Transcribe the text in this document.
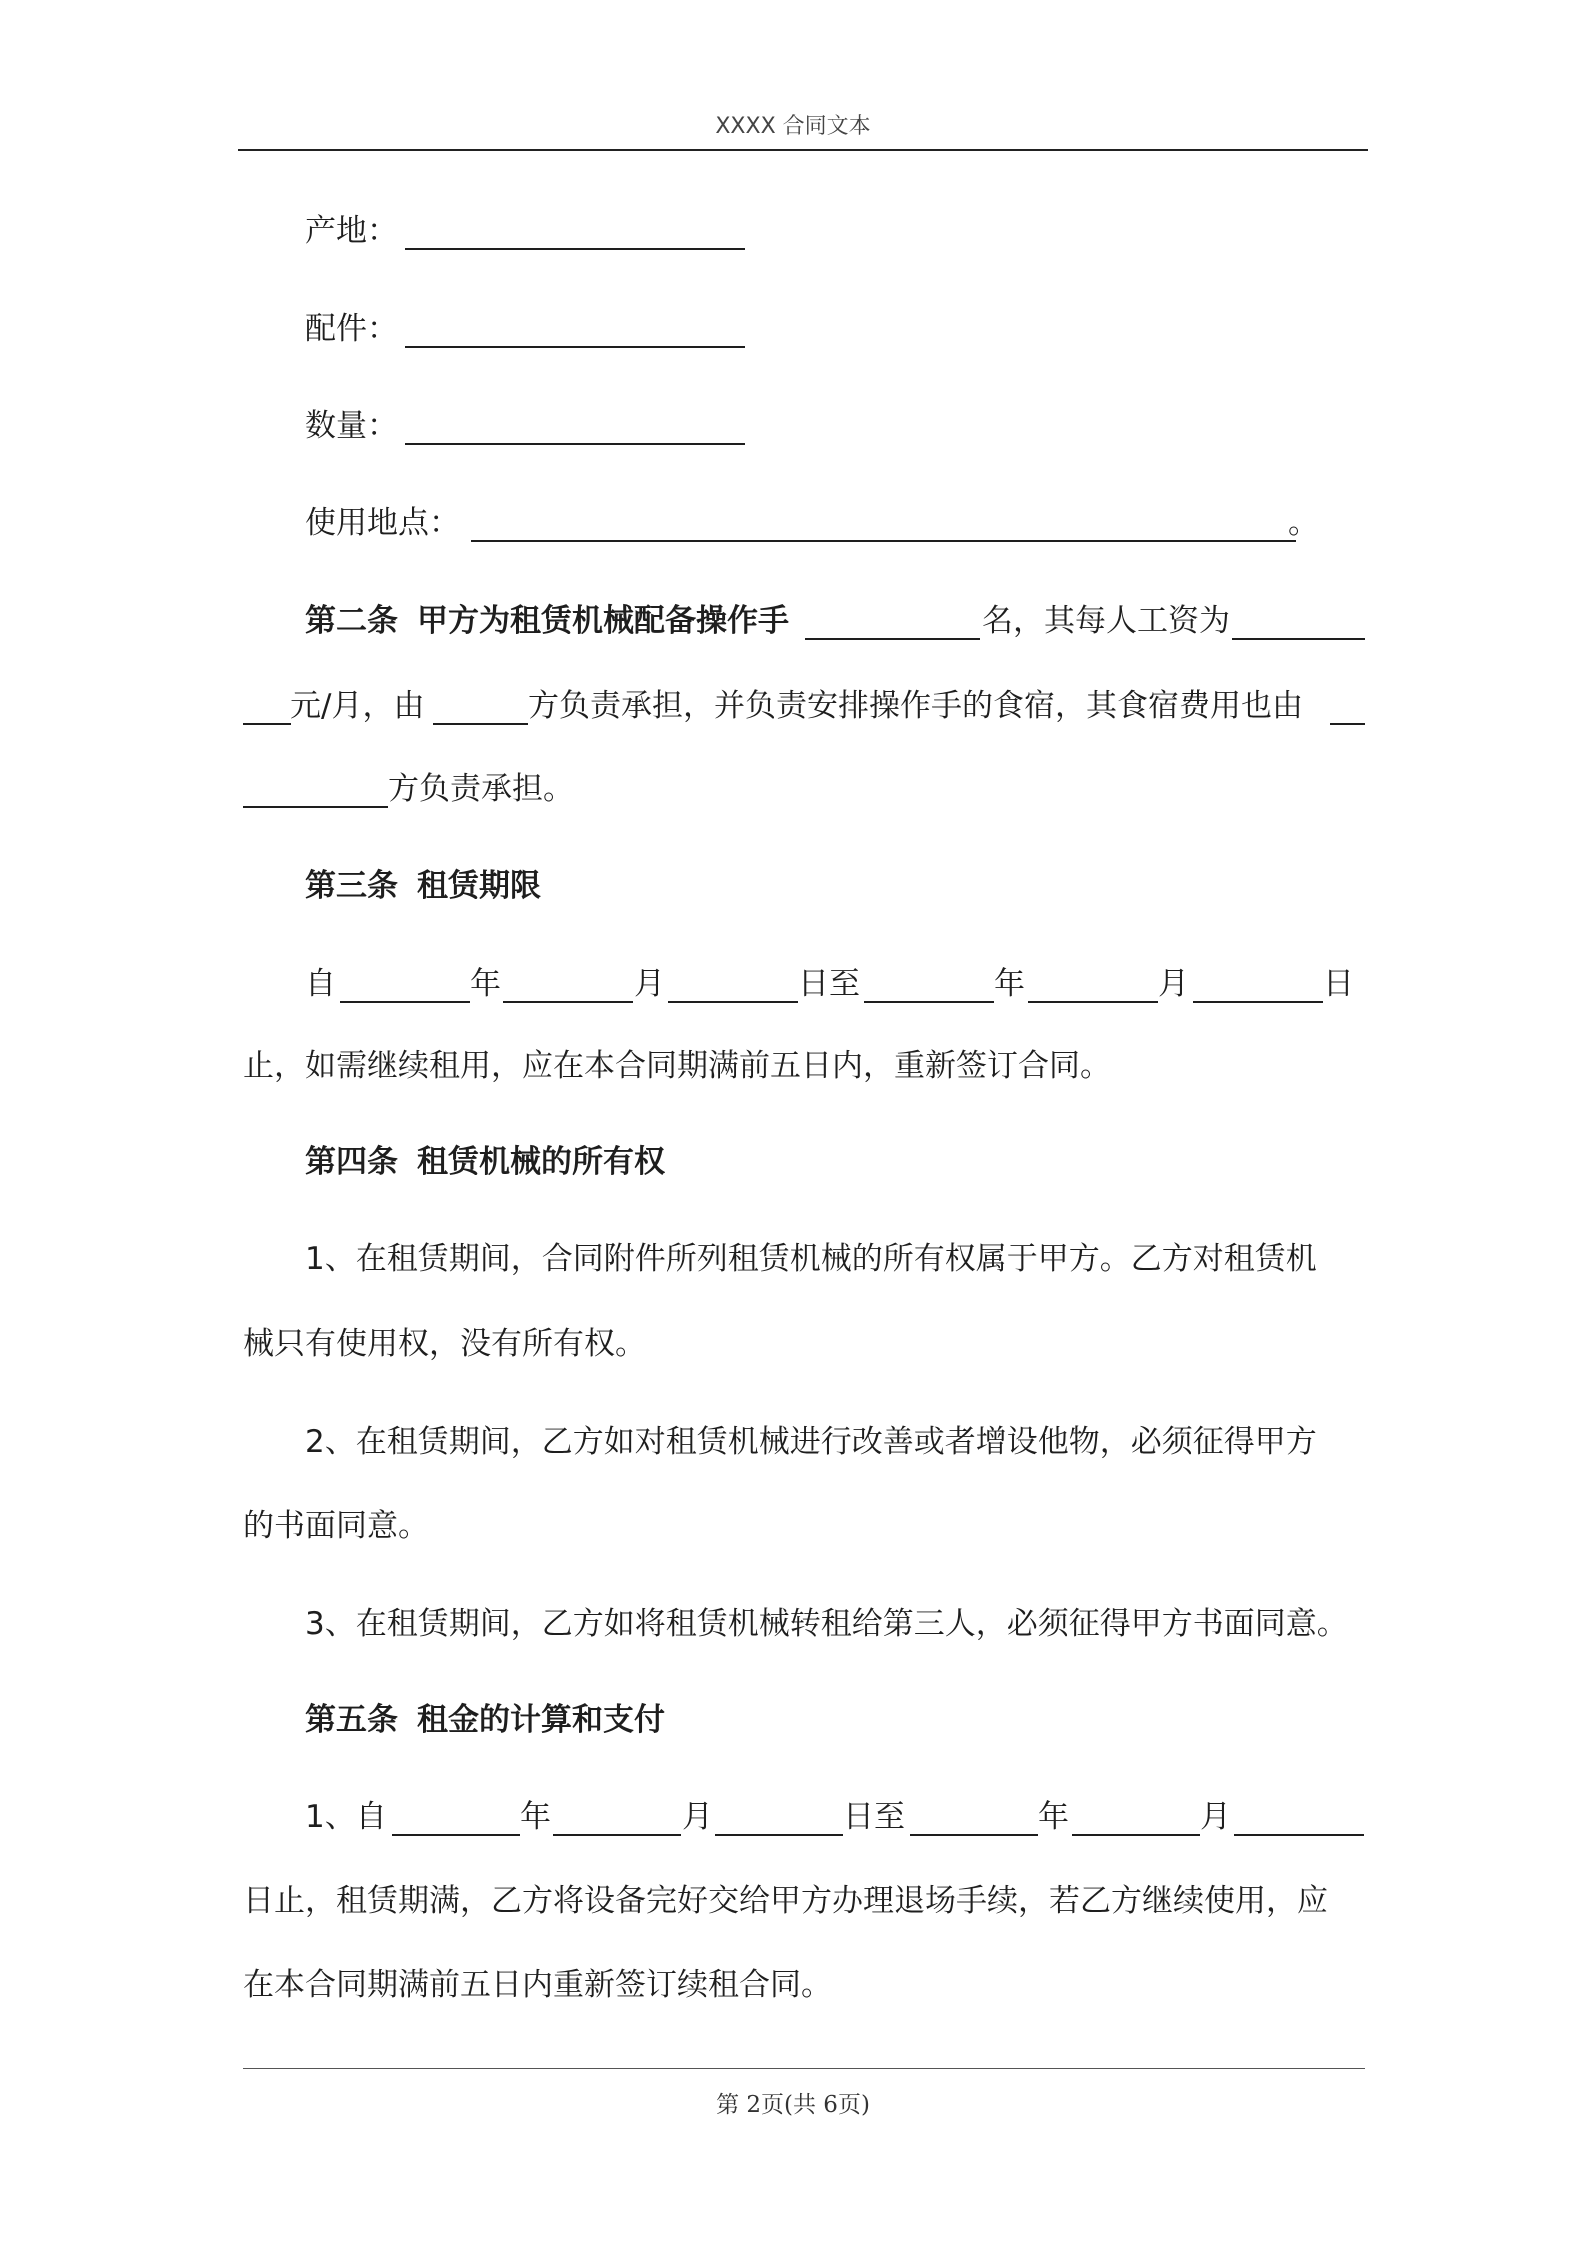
XXXX 合同文本
产地：
配件：
数量：
使用地点：	。
第二条 甲方为租赁机械配备操作手	名，其每人工资为
元/月，由	方负责承担，并负责安排操作手的食宿，其食宿费用也由
方负责承担。
第三条 租赁期限
自	年	月	日至	年	月	日
止，如需继续租用，应在本合同期满前五日内，重新签订合同。
第四条 租赁机械的所有权
1、在租赁期间，合同附件所列租赁机械的所有权属于甲方。乙方对租赁机
械只有使用权，没有所有权。
2、在租赁期间，乙方如对租赁机械进行改善或者增设他物，必须征得甲方
的书面同意。
3、在租赁期间，乙方如将租赁机械转租给第三人，必须征得甲方书面同意。
第五条 租金的计算和支付
1、自	年	月	日至	年	月
日止，租赁期满，乙方将设备完好交给甲方办理退场手续，若乙方继续使用，应
在本合同期满前五日内重新签订续租合同。
第 2页(共 6页)
